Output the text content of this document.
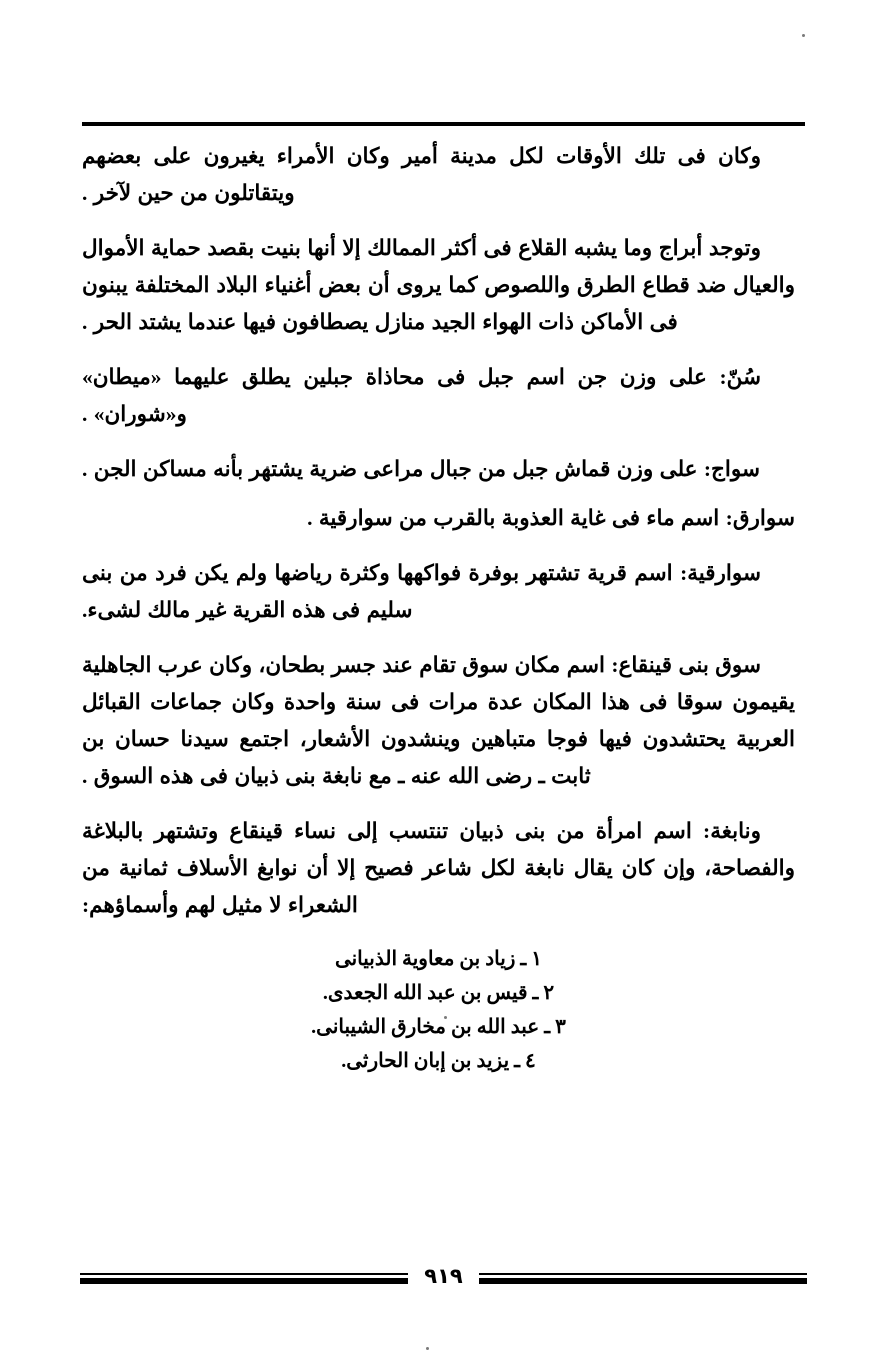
وكان فى تلك الأوقات لكل مدينة أمير وكان الأمراء يغيرون على بعضهم ويتقاتلون من حين لآخر .

وتوجد أبراج وما يشبه القلاع فى أكثر الممالك إلا أنها بنيت بقصد حماية الأموال والعيال ضد قطاع الطرق واللصوص كما يروى أن بعض أغنياء البلاد المختلفة يبنون فى الأماكن ذات الهواء الجيد منازل يصطافون فيها عندما يشتد الحر .

سُنّ: على وزن جن اسم جبل فى محاذاة جبلين يطلق عليهما «ميطان» و«شوران» .

سواج: على وزن قماش جبل من جبال مراعى ضرية يشتهر بأنه مساكن الجن .

سوارق: اسم ماء فى غاية العذوبة بالقرب من سوارقية .

سوارقية: اسم قرية تشتهر بوفرة فواكهها وكثرة رياضها ولم يكن فرد من بنى سليم فى هذه القرية غير مالك لشىء.

سوق بنى قينقاع: اسم مكان سوق تقام عند جسر بطحان، وكان عرب الجاهلية يقيمون سوقا فى هذا المكان عدة مرات فى سنة واحدة وكان جماعات القبائل العربية يحتشدون فيها فوجا متباهين وينشدون الأشعار، اجتمع سيدنا حسان بن ثابت ـ رضى الله عنه ـ مع نابغة بنى ذبيان فى هذه السوق .

ونابغة: اسم امرأة من بنى ذبيان تنتسب إلى نساء قينقاع وتشتهر بالبلاغة والفصاحة، وإن كان يقال نابغة لكل شاعر فصيح إلا أن نوابغ الأسلاف ثمانية من الشعراء لا مثيل لهم وأسماؤهم:

١ ـ زياد بن معاوية الذبيانى
٢ ـ قيس بن عبد الله الجعدى.
٣ ـ عبد الله بن مخارق الشيبانى.
٤ ـ يزيد بن إبان الحارثى.
٩١٩
